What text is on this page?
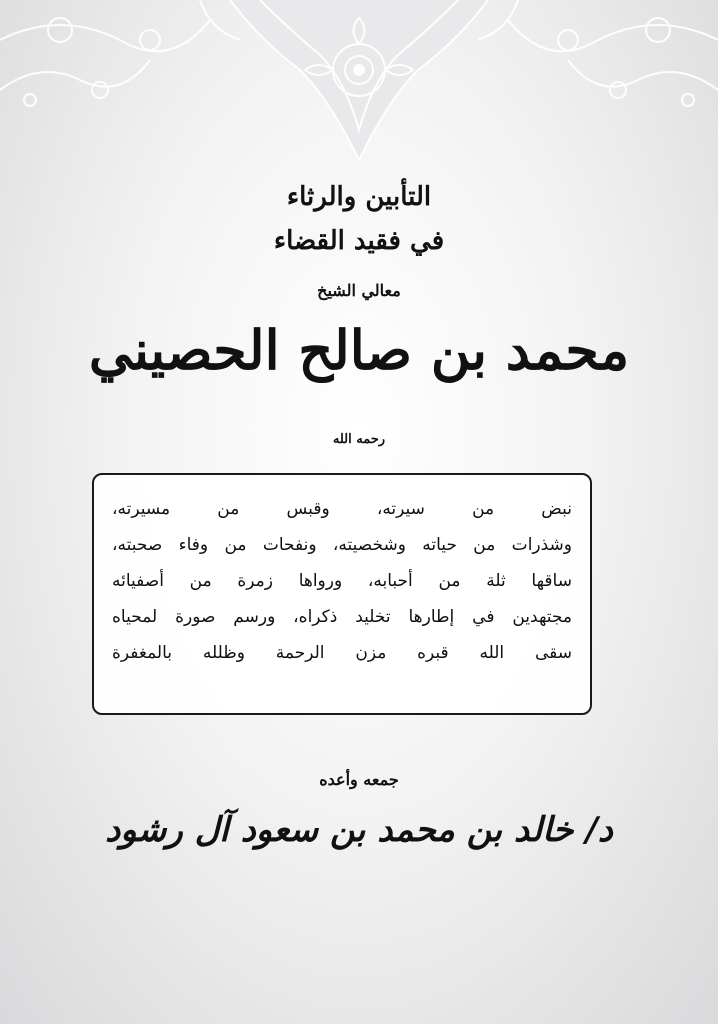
التأبين والرثاء
في فقيد القضاء
معالي الشيخ
محمد بن صالح الحصيني
رحمه الله
نبض من سيرته، وقبس من مسيرته،
وشذرات من حياته وشخصيته، ونفحات من وفاء صحبته،
ساقها ثلة من أحبابه، ورواها زمرة من أصفيائه
مجتهدين في إطارها تخليد ذكراه، ورسم صورة لمحياه
سقى الله قبره مزن الرحمة وظلله بالمغفرة
جمعه وأعده
د/ خالد بن محمد بن سعود آل رشود
